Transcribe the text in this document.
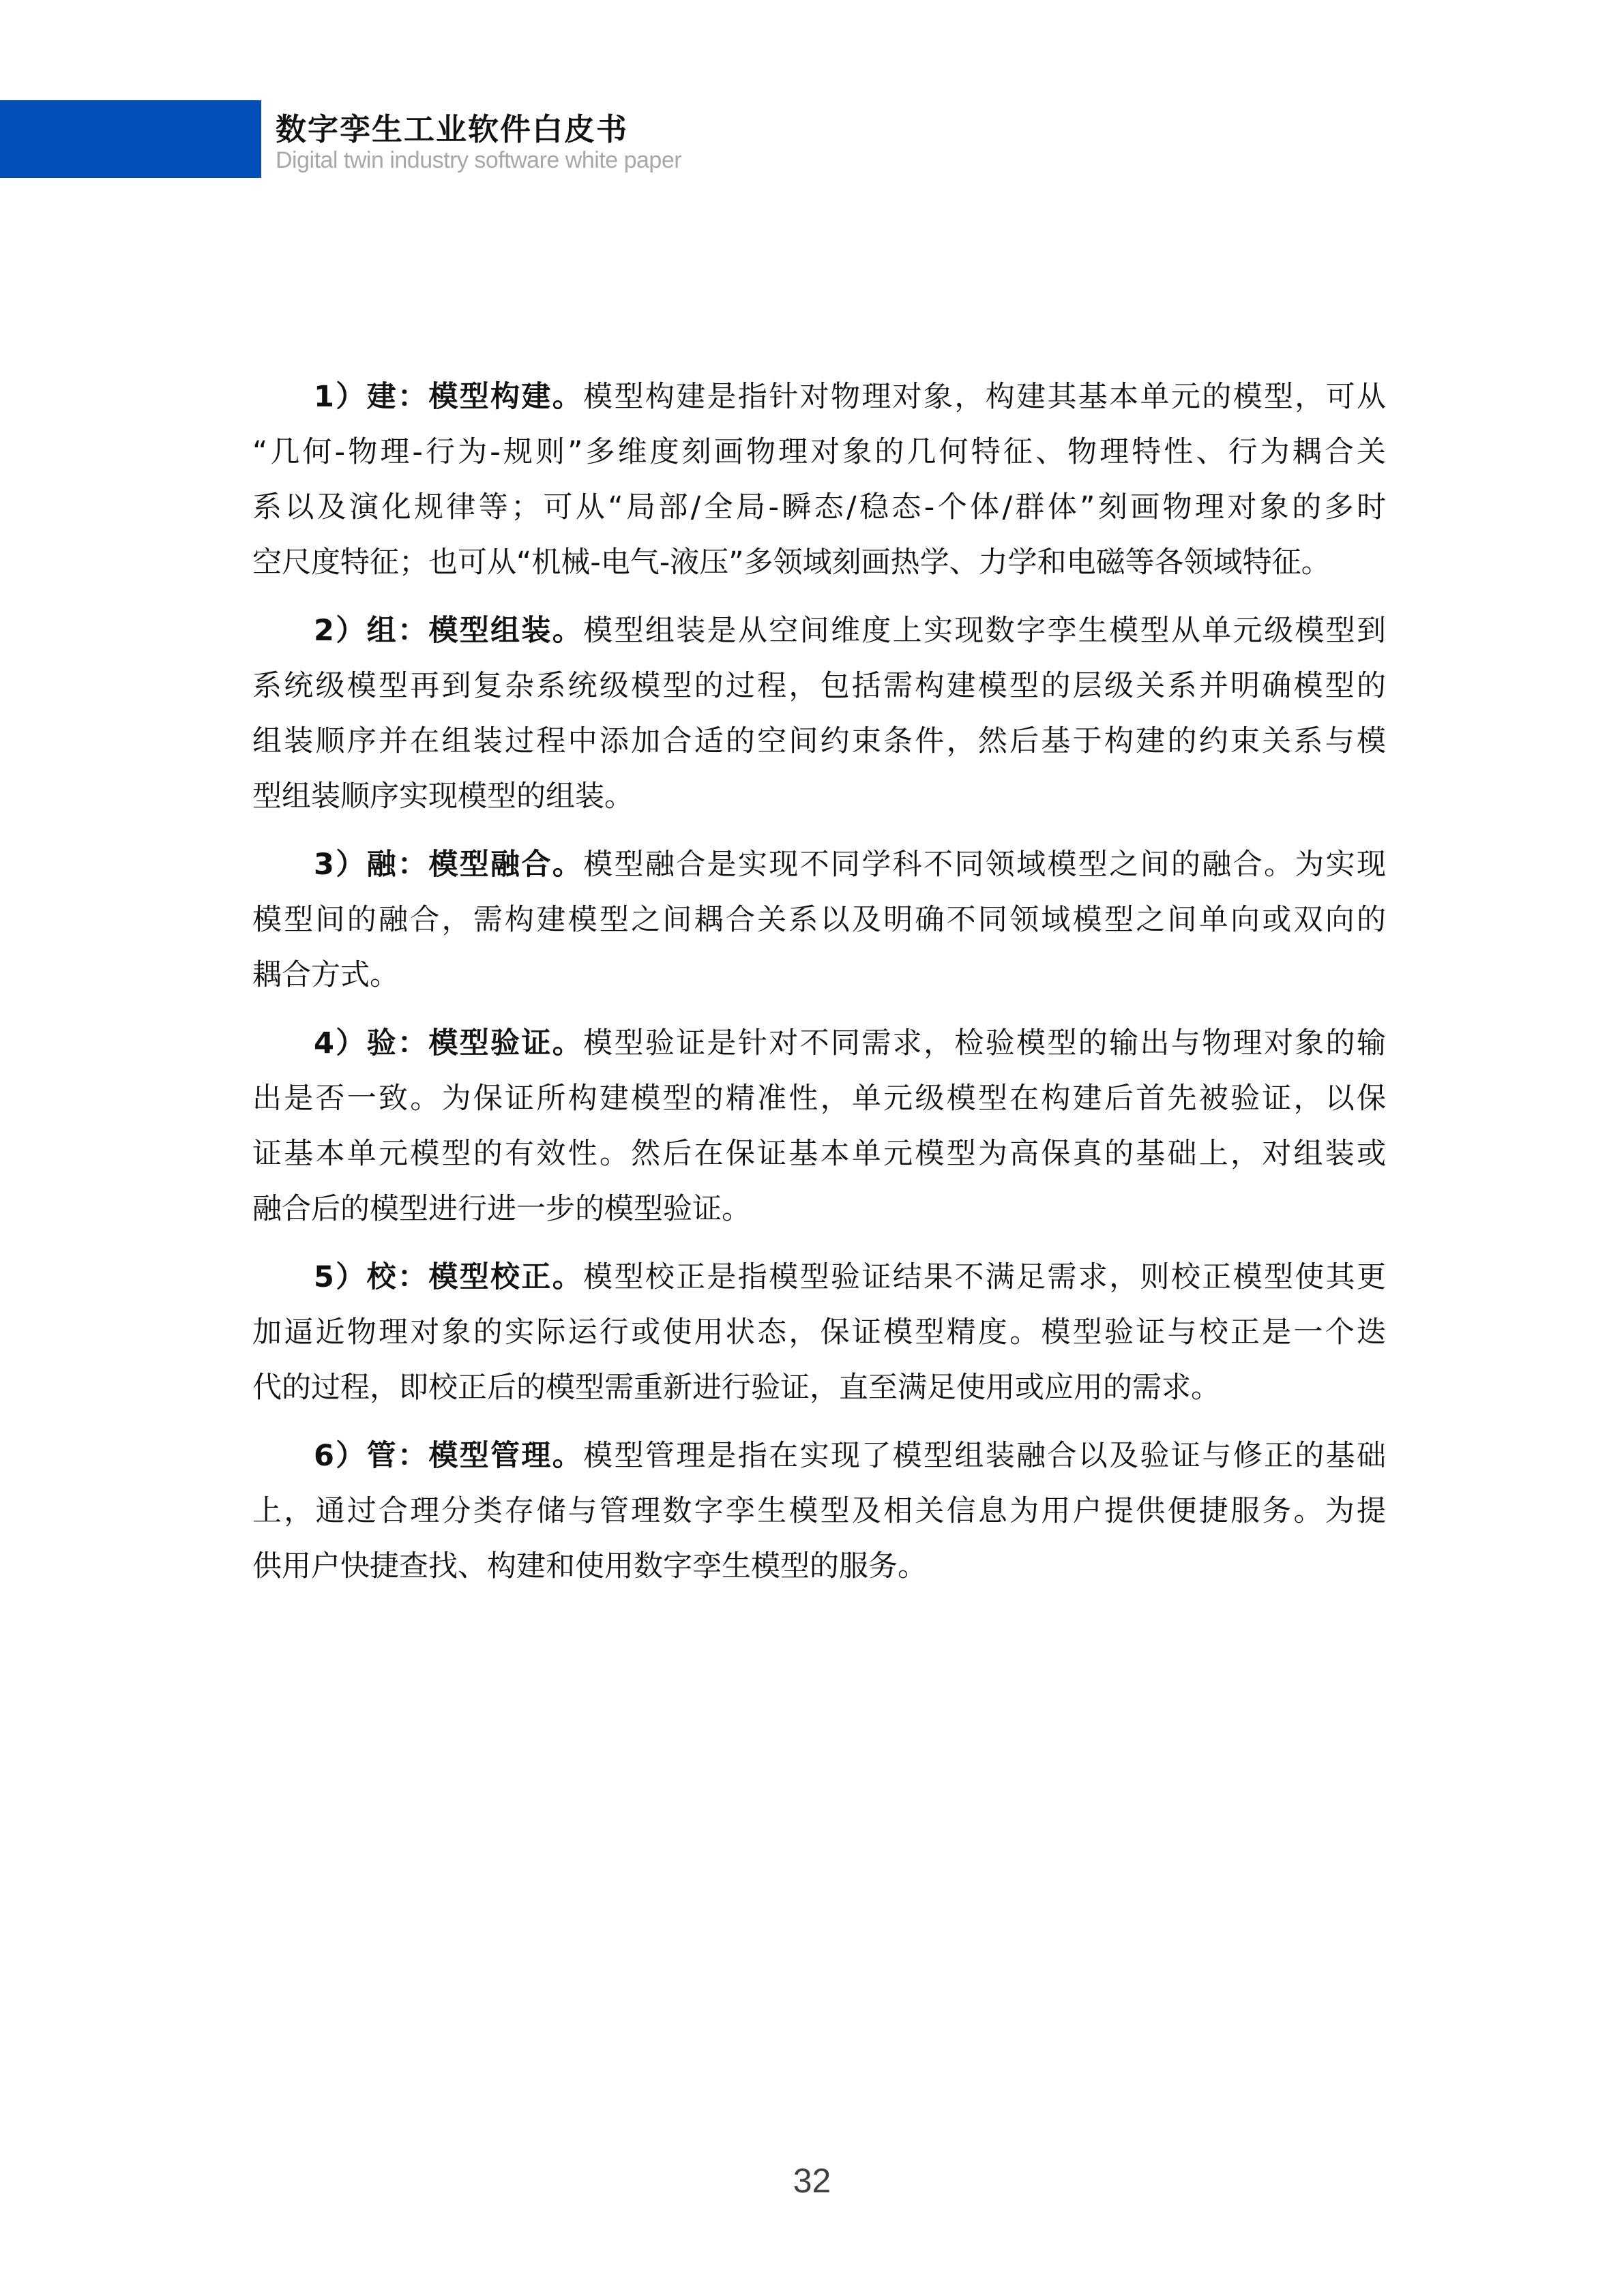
数字孪生工业软件白皮书
Digital twin industry software white paper
1）建：模型构建。模型构建是指针对物理对象，构建其基本单元的模型，可从
“几何-物理-行为-规则”多维度刻画物理对象的几何特征、物理特性、行为耦合关
系以及演化规律等；可从“局部/全局-瞬态/稳态-个体/群体”刻画物理对象的多时
空尺度特征；也可从“机械-电气-液压”多领域刻画热学、力学和电磁等各领域特征。
2）组：模型组装。模型组装是从空间维度上实现数字孪生模型从单元级模型到
系统级模型再到复杂系统级模型的过程，包括需构建模型的层级关系并明确模型的
组装顺序并在组装过程中添加合适的空间约束条件，然后基于构建的约束关系与模
型组装顺序实现模型的组装。
3）融：模型融合。模型融合是实现不同学科不同领域模型之间的融合。为实现
模型间的融合，需构建模型之间耦合关系以及明确不同领域模型之间单向或双向的
耦合方式。
4）验：模型验证。模型验证是针对不同需求，检验模型的输出与物理对象的输
出是否一致。为保证所构建模型的精准性，单元级模型在构建后首先被验证，以保
证基本单元模型的有效性。然后在保证基本单元模型为高保真的基础上，对组装或
融合后的模型进行进一步的模型验证。
5）校：模型校正。模型校正是指模型验证结果不满足需求，则校正模型使其更
加逼近物理对象的实际运行或使用状态，保证模型精度。模型验证与校正是一个迭
代的过程，即校正后的模型需重新进行验证，直至满足使用或应用的需求。
6）管：模型管理。模型管理是指在实现了模型组装融合以及验证与修正的基础
上，通过合理分类存储与管理数字孪生模型及相关信息为用户提供便捷服务。为提
供用户快捷查找、构建和使用数字孪生模型的服务。
32
